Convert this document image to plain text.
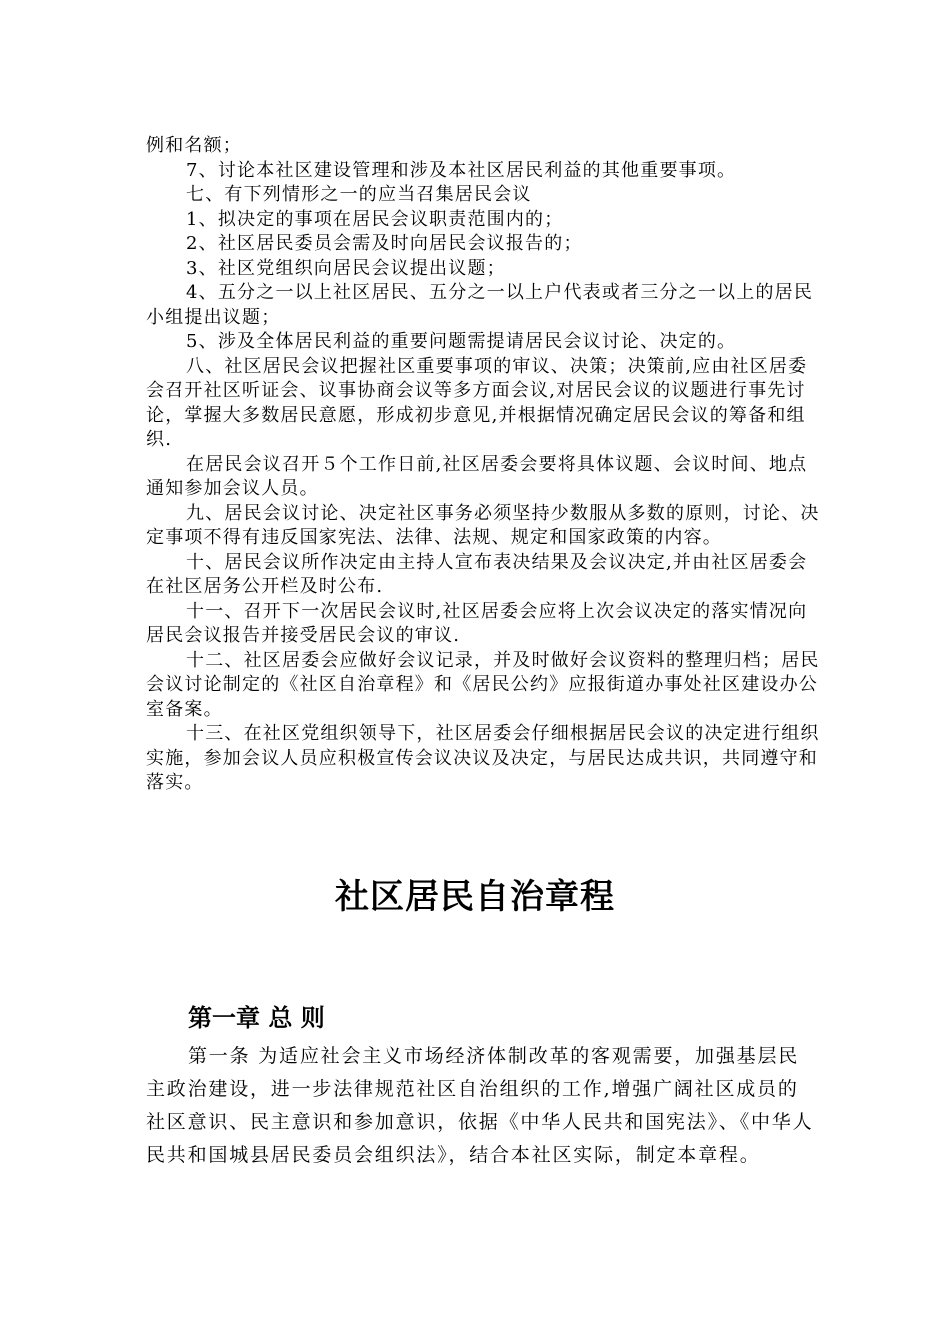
例和名额；

7、讨论本社区建设管理和涉及本社区居民利益的其他重要事项。

七、有下列情形之一的应当召集居民会议

1、拟决定的事项在居民会议职责范围内的；

2、社区居民委员会需及时向居民会议报告的；

3、社区党组织向居民会议提出议题；

4、五分之一以上社区居民、五分之一以上户代表或者三分之一以上的居民小组提出议题；

5、涉及全体居民利益的重要问题需提请居民会议讨论、决定的。

八、社区居民会议把握社区重要事项的审议、决策；决策前,应由社区居委会召开社区听证会、议事协商会议等多方面会议,对居民会议的议题进行事先讨论，掌握大多数居民意愿，形成初步意见,并根据情况确定居民会议的筹备和组织.

在居民会议召开５个工作日前,社区居委会要将具体议题、会议时间、地点通知参加会议人员。

九、居民会议讨论、决定社区事务必须坚持少数服从多数的原则，讨论、决定事项不得有违反国家宪法、法律、法规、规定和国家政策的内容。

十、居民会议所作决定由主持人宣布表决结果及会议决定,并由社区居委会在社区居务公开栏及时公布.

十一、召开下一次居民会议时,社区居委会应将上次会议决定的落实情况向居民会议报告并接受居民会议的审议.

十二、社区居委会应做好会议记录，并及时做好会议资料的整理归档；居民会议讨论制定的《社区自治章程》和《居民公约》应报街道办事处社区建设办公室备案。

十三、在社区党组织领导下，社区居委会仔细根据居民会议的决定进行组织实施，参加会议人员应积极宣传会议决议及决定，与居民达成共识，共同遵守和落实。

社区居民自治章程
第一章 总 则

第一条 为适应社会主义市场经济体制改革的客观需要，加强基层民主政治建设，进一步法律规范社区自治组织的工作,增强广阔社区成员的社区意识、民主意识和参加意识，依据《中华人民共和国宪法》、《中华人民共和国城县居民委员会组织法》，结合本社区实际，制定本章程。
